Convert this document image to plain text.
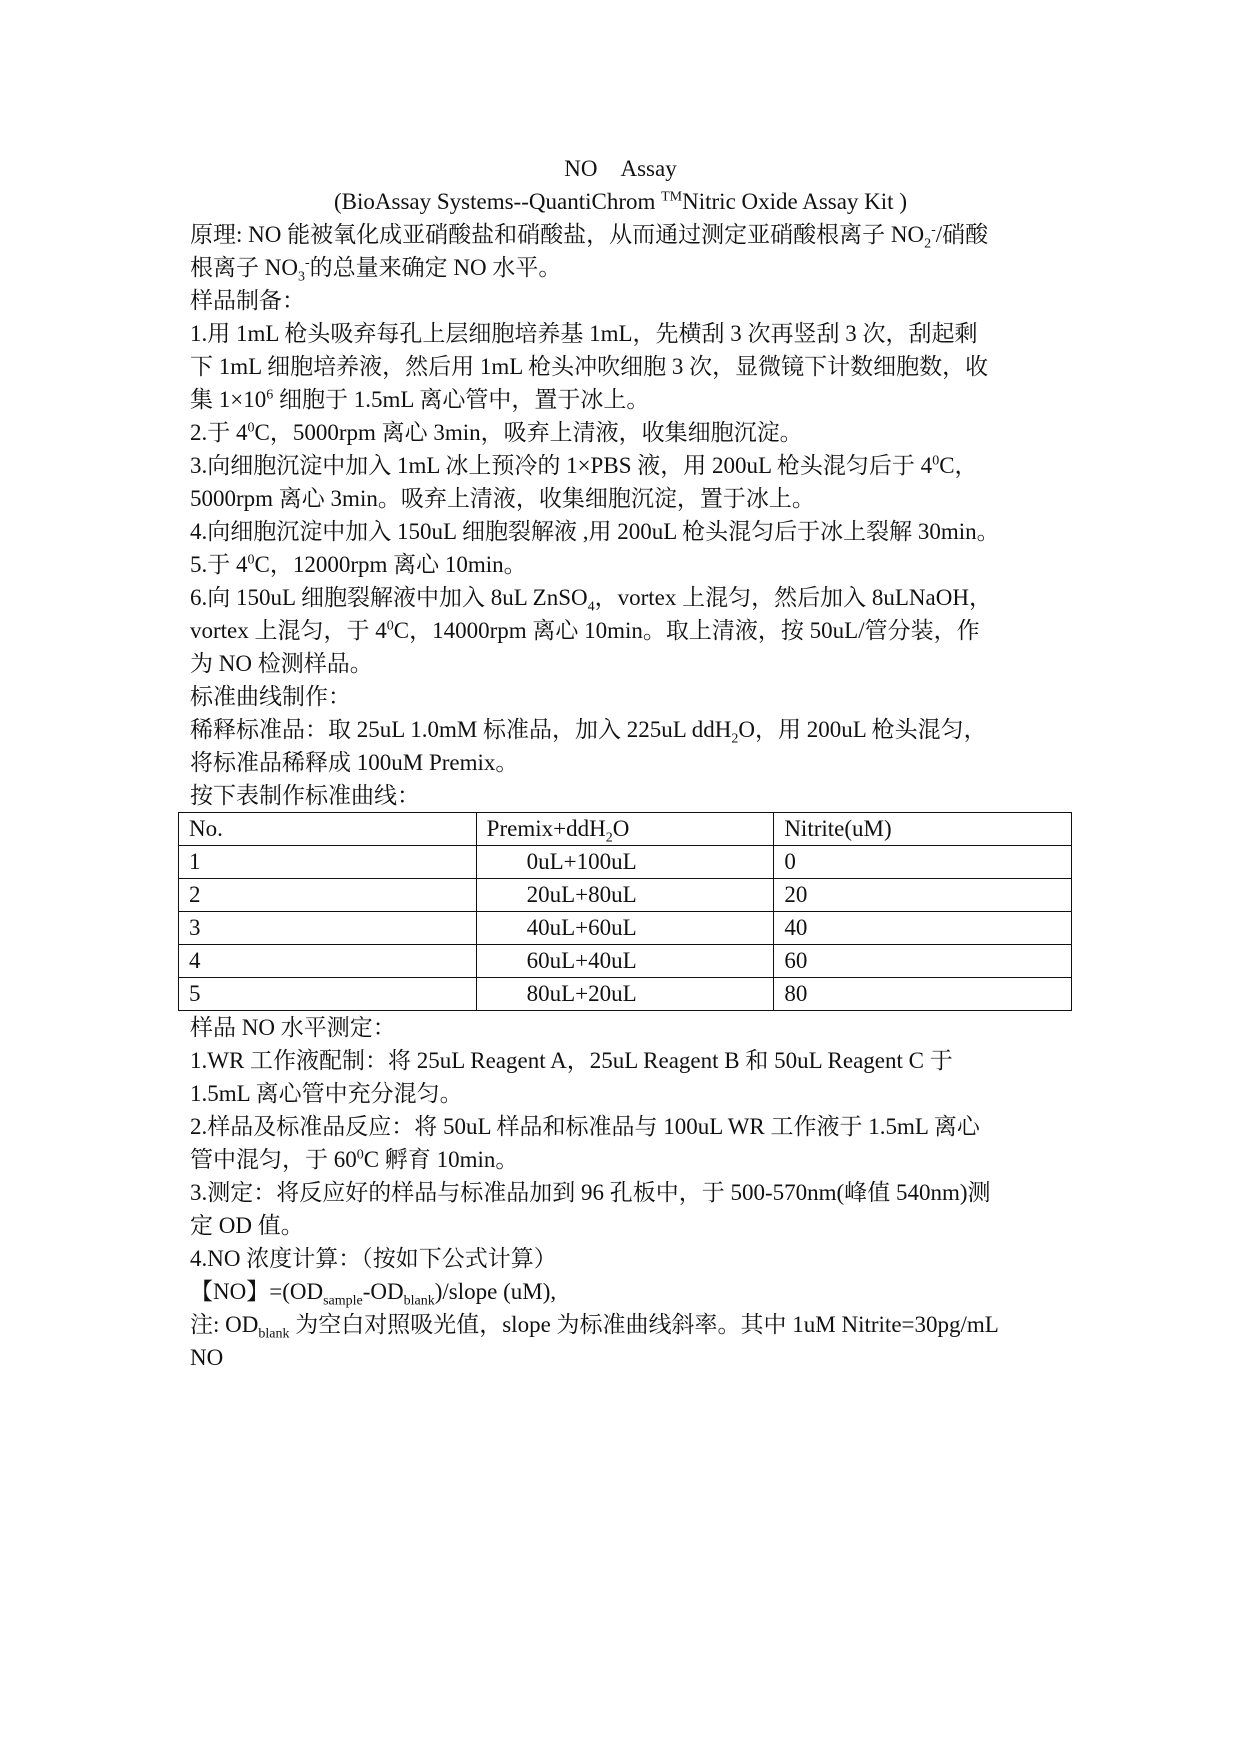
NO    Assay
(BioAssay Systems--QuantiChrom ™Nitric Oxide Assay Kit )
原理: NO 能被氧化成亚硝酸盐和硝酸盐，从而通过测定亚硝酸根离子 $NO_2^-/$硝酸
根离子 $NO_3^-$的总量来确定 NO 水平。
样品制备：
1.用 1mL 枪头吸弃每孔上层细胞培养基 1mL，先横刮 3 次再竖刮 3 次，刮起剩
下 1mL 细胞培养液，然后用 1mL 枪头冲吹细胞 3 次，显微镜下计数细胞数，收
集 $1\times 10^6$ 细胞于 1.5mL 离心管中，置于冰上。
2.于 $4^0C$，5000rpm 离心 3min，吸弃上清液，收集细胞沉淀。
3.向细胞沉淀中加入 1mL 冰上预冷的 1×PBS 液，用 200uL 枪头混匀后于 $4^0C$，
5000rpm 离心 3min。吸弃上清液，收集细胞沉淀，置于冰上。
4.向细胞沉淀中加入 150uL 细胞裂解液 ,用 200uL 枪头混匀后于冰上裂解 30min。
5.于 $4^0C$，12000rpm 离心 10min。
6.向 150uL 细胞裂解液中加入 8uL ZnSO$_4$，vortex 上混匀，然后加入 8uLNaOH，
vortex 上混匀，于 $4^0C$，14000rpm 离心 10min。取上清液，按 50uL/管分装，作
为 NO 检测样品。
标准曲线制作：
稀释标准品：取 25uL 1.0mM 标准品，加入 225uL ddH$_2$O，用 200uL 枪头混匀，
将标准品稀释成 100uM Premix。
按下表制作标准曲线：
No.	Premix+ddH$_2$O	Nitrite(uM)
1	0uL+100uL	0
2	20uL+80uL	20
3	40uL+60uL	40
4	60uL+40uL	60
5	80uL+20uL	80
样品 NO 水平测定：
1.WR 工作液配制：将 25uL Reagent A，25uL Reagent B 和 50uL Reagent C 于
1.5mL 离心管中充分混匀。
2.样品及标准品反应：将 50uL 样品和标准品与 100uL WR 工作液于 1.5mL 离心
管中混匀，于 $60^0C$ 孵育 10min。
3.测定：将反应好的样品与标准品加到 96 孔板中，于 500-570nm(峰值 540nm)测
定 OD 值。
4.NO 浓度计算：（按如下公式计算）
【NO】$=(OD_{sample}-OD_{blank})$/slope (uM),
注: $OD_{blank}$ 为空白对照吸光值，slope 为标准曲线斜率。其中 1uM Nitrite=30pg/mL
NO
